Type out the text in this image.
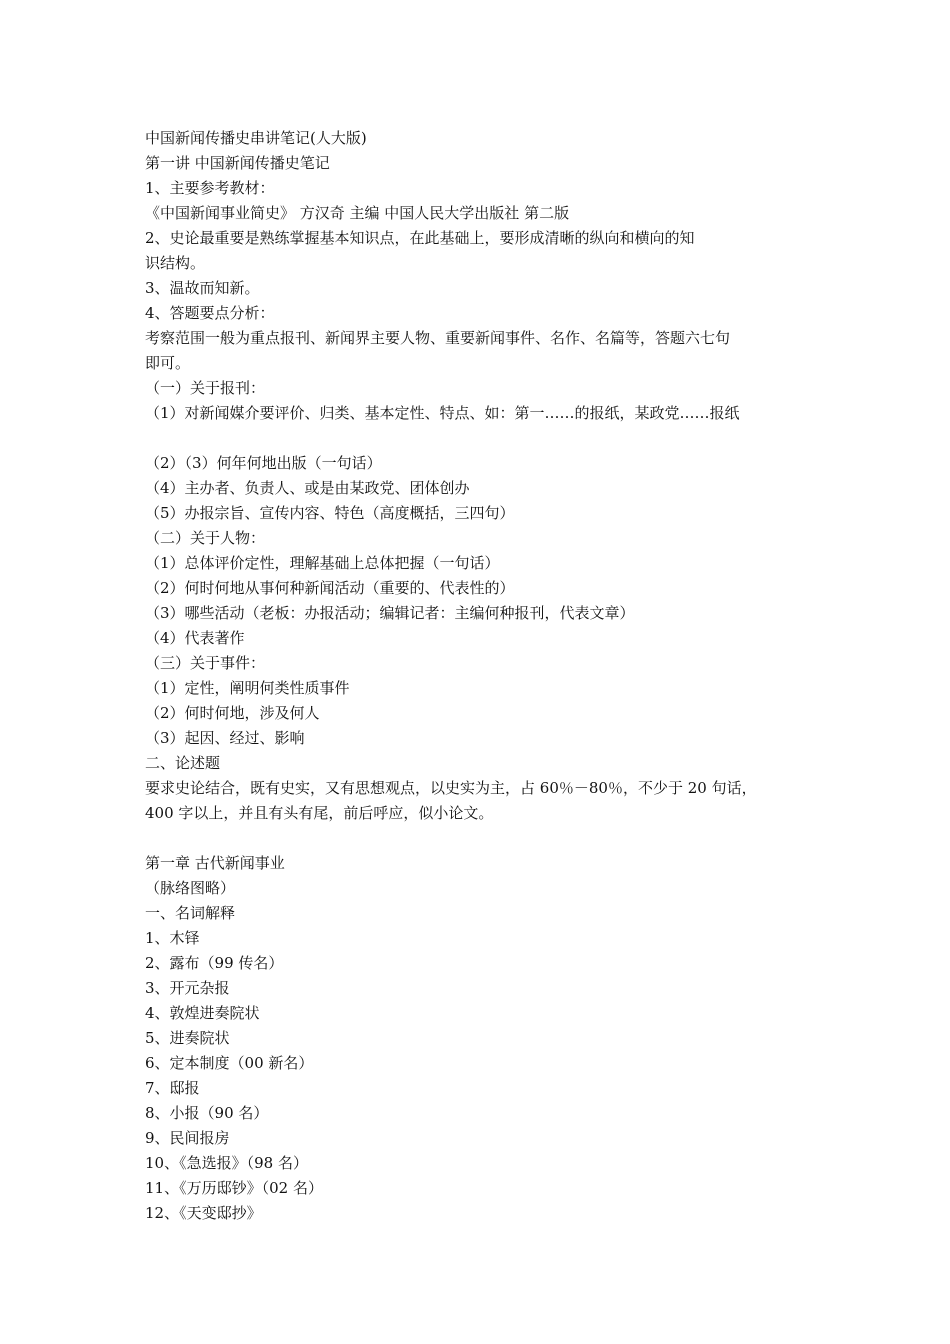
中国新闻传播史串讲笔记(人大版)
第一讲 中国新闻传播史笔记
1、主要参考教材：
《中国新闻事业简史》 方汉奇 主编 中国人民大学出版社 第二版
2、史论最重要是熟练掌握基本知识点，在此基础上，要形成清晰的纵向和横向的知
识结构。
3、温故而知新。
4、答题要点分析：
考察范围一般为重点报刊、新闻界主要人物、重要新闻事件、名作、名篇等，答题六七句
即可。
（一）关于报刊：
（1）对新闻媒介要评价、归类、基本定性、特点、如：第一……的报纸，某政党……报纸
（2）（3）何年何地出版（一句话）
（4）主办者、负责人、或是由某政党、团体创办
（5）办报宗旨、宣传内容、特色（高度概括，三四句）
（二）关于人物：
（1）总体评价定性，理解基础上总体把握（一句话）
（2）何时何地从事何种新闻活动（重要的、代表性的）
（3）哪些活动（老板：办报活动；编辑记者：主编何种报刊，代表文章）
（4）代表著作
（三）关于事件：
（1）定性，阐明何类性质事件
（2）何时何地，涉及何人
（3）起因、经过、影响
二、论述题
要求史论结合，既有史实，又有思想观点，以史实为主，占 60％－80％，不少于 20 句话，
400 字以上，并且有头有尾，前后呼应，似小论文。
第一章 古代新闻事业
（脉络图略）
一、名词解释
1、木铎
2、露布（99 传名）
3、开元杂报
4、敦煌进奏院状
5、进奏院状
6、定本制度（00 新名）
7、邸报
8、小报（90 名）
9、民间报房
10、《急选报》（98 名）
11、《万历邸钞》（02 名）
12、《天变邸抄》
